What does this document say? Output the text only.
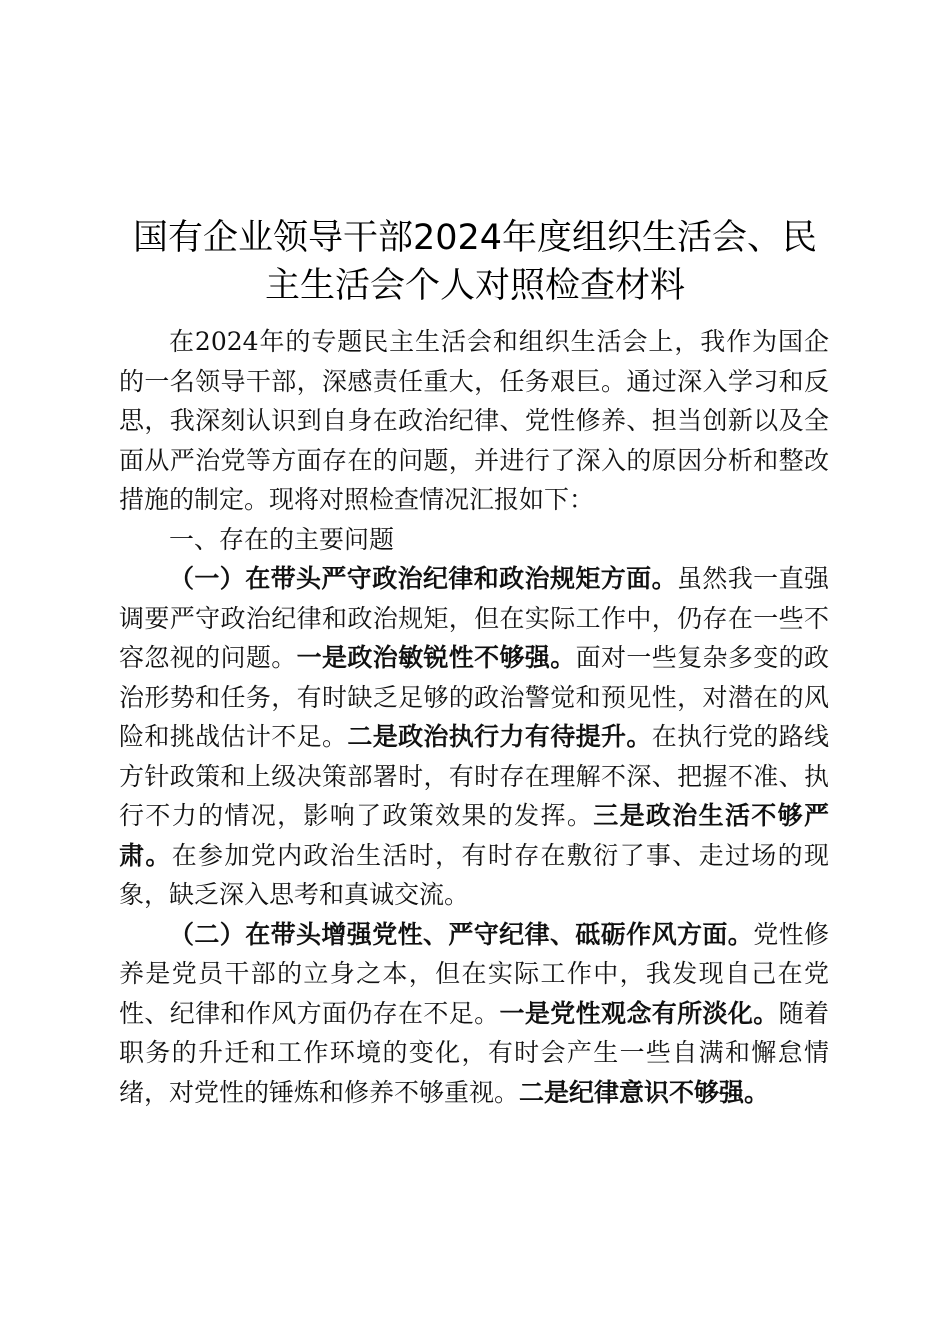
国有企业领导干部2024年度组织生活会、民
主生活会个人对照检查材料

在2024年的专题民主生活会和组织生活会上，我作为国企的一名领导干部，深感责任重大，任务艰巨。通过深入学习和反思，我深刻认识到自身在政治纪律、党性修养、担当创新以及全面从严治党等方面存在的问题，并进行了深入的原因分析和整改措施的制定。现将对照检查情况汇报如下：

一、存在的主要问题

（一）在带头严守政治纪律和政治规矩方面。虽然我一直强调要严守政治纪律和政治规矩，但在实际工作中，仍存在一些不容忽视的问题。一是政治敏锐性不够强。面对一些复杂多变的政治形势和任务，有时缺乏足够的政治警觉和预见性，对潜在的风险和挑战估计不足。二是政治执行力有待提升。在执行党的路线方针政策和上级决策部署时，有时存在理解不深、把握不准、执行不力的情况，影响了政策效果的发挥。三是政治生活不够严肃。在参加党内政治生活时，有时存在敷衍了事、走过场的现象，缺乏深入思考和真诚交流。

（二）在带头增强党性、严守纪律、砥砺作风方面。党性修养是党员干部的立身之本，但在实际工作中，我发现自己在党性、纪律和作风方面仍存在不足。一是党性观念有所淡化。随着职务的升迁和工作环境的变化，有时会产生一些自满和懈怠情绪，对党性的锤炼和修养不够重视。二是纪律意识不够强。
